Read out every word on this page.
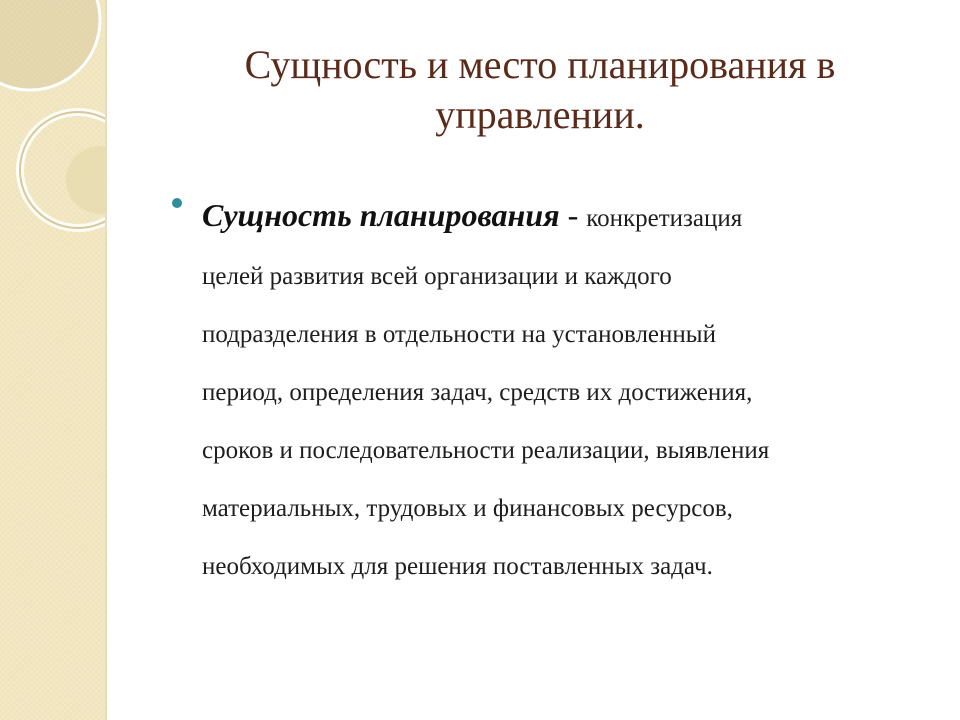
Сущность и место планирования в
управлении.
Сущность планирования - конкретизация
целей развития всей организации и каждого
подразделения в отдельности на установленный
период, определения задач, средств их достижения,
сроков и последовательности реализации, выявления
материальных, трудовых и финансовых ресурсов,
необходимых для решения поставленных задач.
